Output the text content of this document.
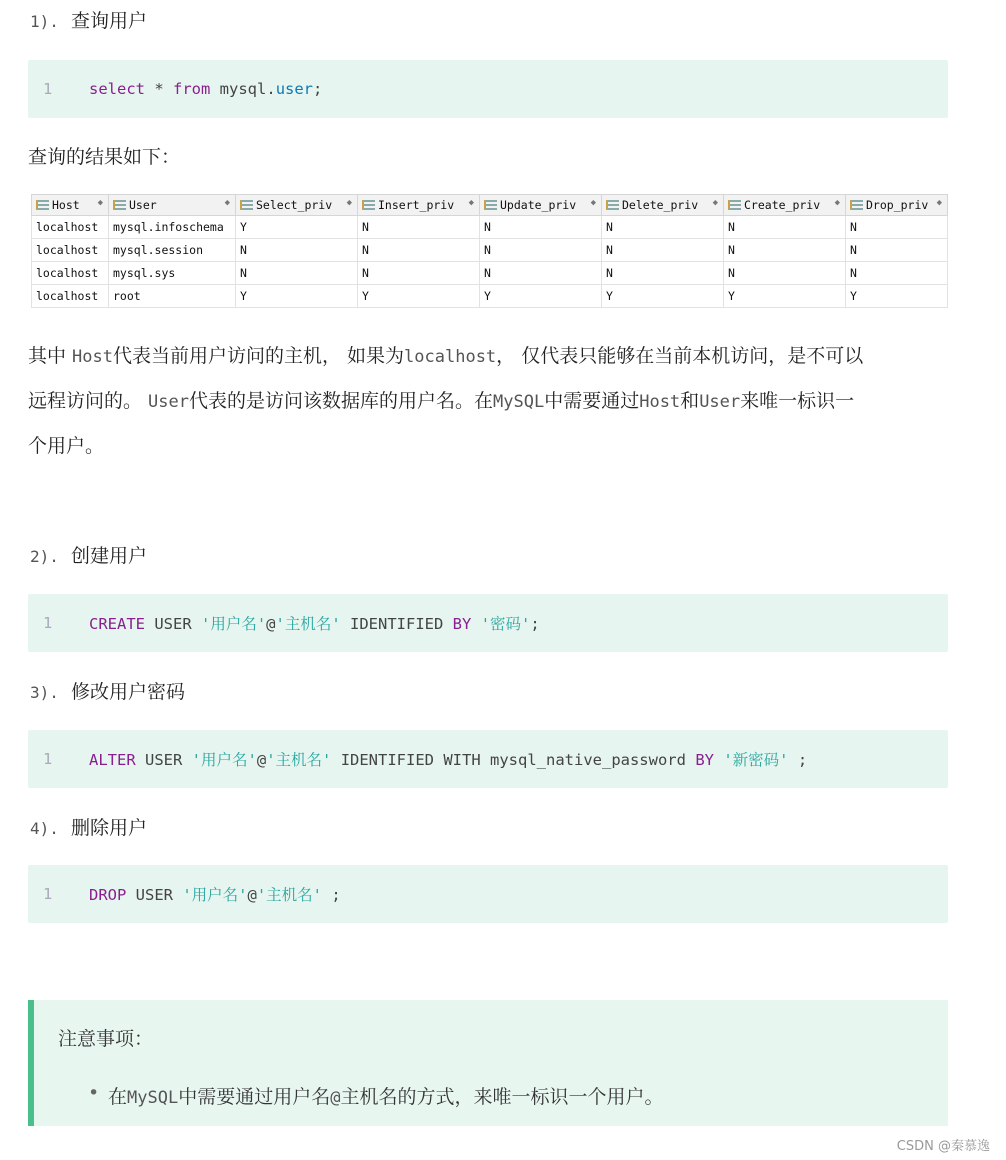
1). 查询用户
1	select * from mysql.user;
查询的结果如下：
Host ◆	User ◆	Select_priv ◆	Insert_priv ◆	Update_priv ◆	Delete_priv ◆	Create_priv ◆	Drop_priv ◆

localhost	mysql.infoschema	Y	N	N	N	N	N
localhost	mysql.session	N	N	N	N	N	N
localhost	mysql.sys	N	N	N	N	N	N
localhost	root	Y	Y	Y	Y	Y	Y
其中 Host代表当前用户访问的主机， 如果为localhost， 仅代表只能够在当前本机访问，是不可以
远程访问的。 User代表的是访问该数据库的用户名。在MySQL中需要通过Host和User来唯一标识一
个用户。
2). 创建用户
1	CREATE USER '用户名'@'主机名' IDENTIFIED BY '密码';
3). 修改用户密码
1	ALTER USER '用户名'@'主机名' IDENTIFIED WITH mysql_native_password BY '新密码' ;
4). 删除用户
1	DROP USER '用户名'@'主机名' ;
注意事项：
• 在MySQL中需要通过用户名@主机名的方式，来唯一标识一个用户。
CSDN @秦慕逸
